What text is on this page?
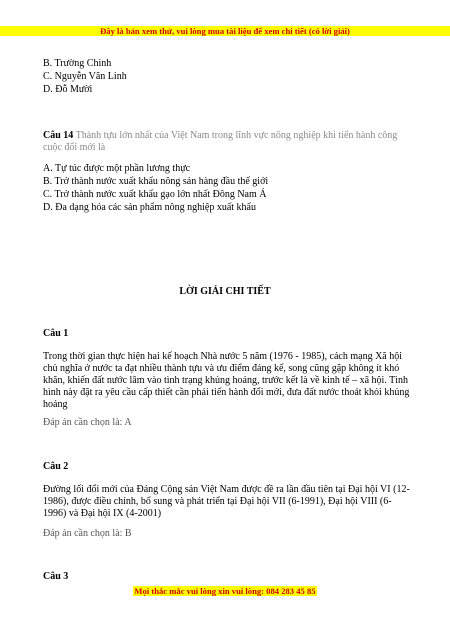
Đây là bản xem thử, vui lòng mua tài liệu để xem chi tiết (có lời giải)
B. Trường Chinh
C. Nguyễn Văn Linh
D. Đỗ Mười
Câu 14 Thành tựu lớn nhất của Việt Nam trong lĩnh vực nông nghiệp khi tiến hành công cuộc đổi mới là
A. Tự túc được một phần lương thực
B. Trở thành nước xuất khẩu nông sản hàng đầu thế giới
C. Trở thành nước xuất khẩu gạo lớn nhất Đông Nam Á
D. Đa dạng hóa các sản phẩm nông nghiệp xuất khẩu
LỜI GIẢI CHI TIẾT
Câu 1
Trong thời gian thực hiện hai kế hoạch Nhà nước 5 năm (1976 - 1985), cách mạng Xã hội chủ nghĩa ở nước ta đạt nhiều thành tựu và ưu điểm đáng kể, song cũng gặp không ít khó khăn, khiến đất nước lâm vào tình trạng khủng hoảng, trước kết là về kinh tế – xã hội. Tình hình này đặt ra yêu cầu cấp thiết cần phải tiến hành đổi mới, đưa đất nước thoát khỏi khủng hoảng
Đáp án cần chọn là: A
Câu 2
Đường lối đổi mới của Đảng Cộng sản Việt Nam được đề ra lần đầu tiên tại Đại hội VI (12-1986), được điều chỉnh, bổ sung và phát triển tại Đại hội VII (6-1991), Đại hội VIII (6-1996) và Đại hội IX (4-2001)
Đáp án cần chọn là: B
Câu 3
Mọi thắc mắc vui lòng xin vui lòng: 084 283 45 85
